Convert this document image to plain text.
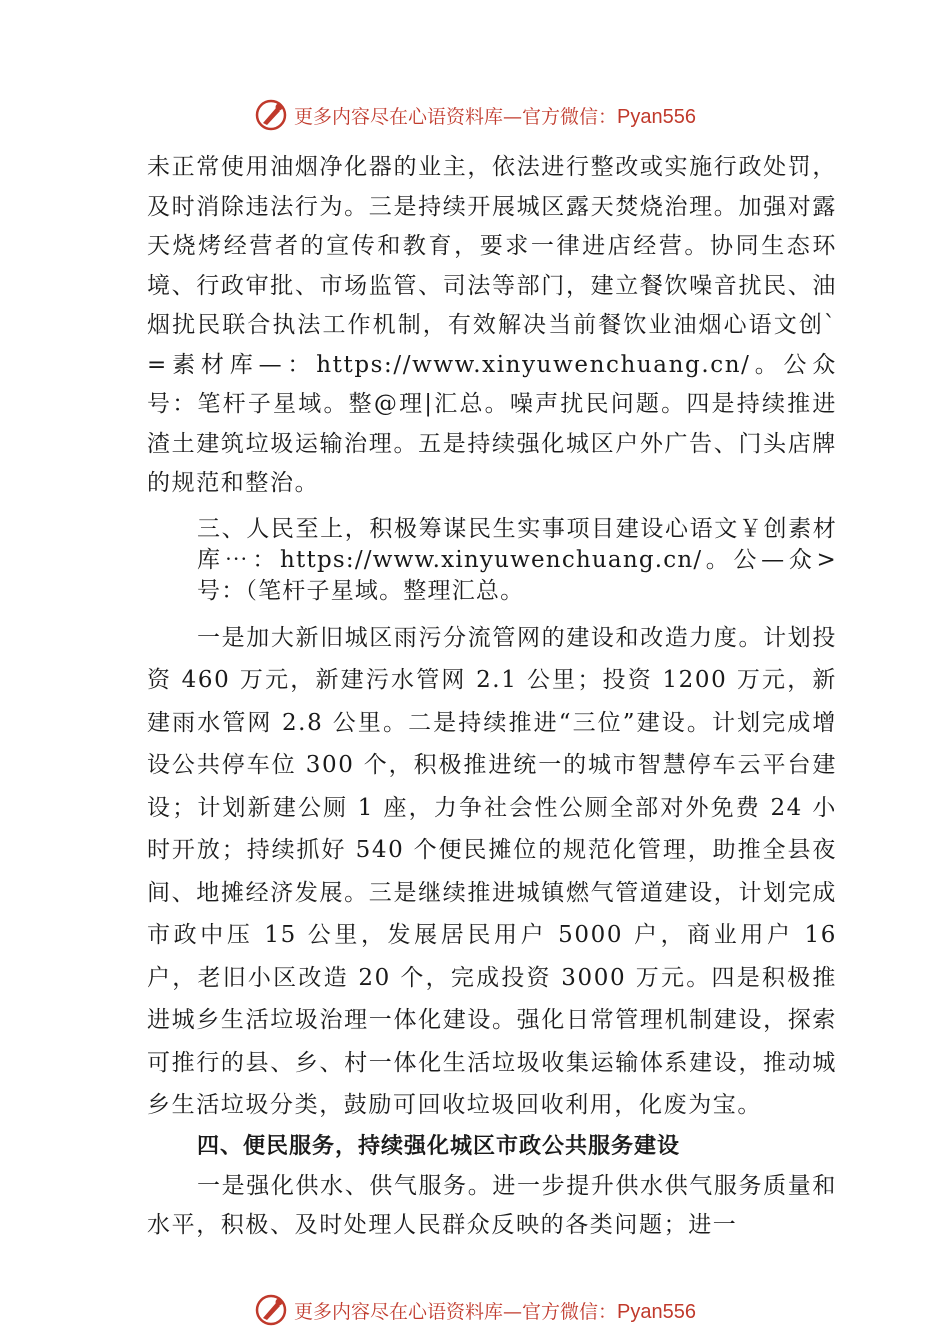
更多内容尽在心语资料库—官方微信：Pyan556

未正常使用油烟净化器的业主，依法进行整改或实施行政处罚，及时消除违法行为。三是持续开展城区露天焚烧治理。加强对露天烧烤经营者的宣传和教育，要求一律进店经营。协同生态环境、行政审批、市场监管、司法等部门，建立餐饮噪音扰民、油烟扰民联合执法工作机制，有效解决当前餐饮业油烟心语文创`=素材库—：https://www.xinyuwenchuang.cn/。公众号：笔杆子星域。整@理|汇总。噪声扰民问题。四是持续推进渣土建筑垃圾运输治理。五是持续强化城区户外广告、门头店牌的规范和整治。

三、人民至上，积极筹谋民生实事项目建设心语文￥创素材库⋯：https://www.xinyuwenchuang.cn/。公—众>号：（笔杆子星域。整理汇总。

一是加大新旧城区雨污分流管网的建设和改造力度。计划投资 460 万元，新建污水管网 2.1 公里；投资 1200 万元，新建雨水管网 2.8 公里。二是持续推进“三位”建设。计划完成增设公共停车位 300 个，积极推进统一的城市智慧停车云平台建设；计划新建公厕 1 座，力争社会性公厕全部对外免费 24 小时开放；持续抓好 540 个便民摊位的规范化管理，助推全县夜间、地摊经济发展。三是继续推进城镇燃气管道建设，计划完成市政中压 15 公里，发展居民用户 5000 户，商业用户 16 户，老旧小区改造 20 个，完成投资 3000 万元。四是积极推进城乡生活垃圾治理一体化建设。强化日常管理机制建设，探索可推行的县、乡、村一体化生活垃圾收集运输体系建设，推动城乡生活垃圾分类，鼓励可回收垃圾回收利用，化废为宝。

四、便民服务，持续强化城区市政公共服务建设

一是强化供水、供气服务。进一步提升供水供气服务质量和水平，积极、及时处理人民群众反映的各类问题；进一

更多内容尽在心语资料库—官方微信：Pyan556
